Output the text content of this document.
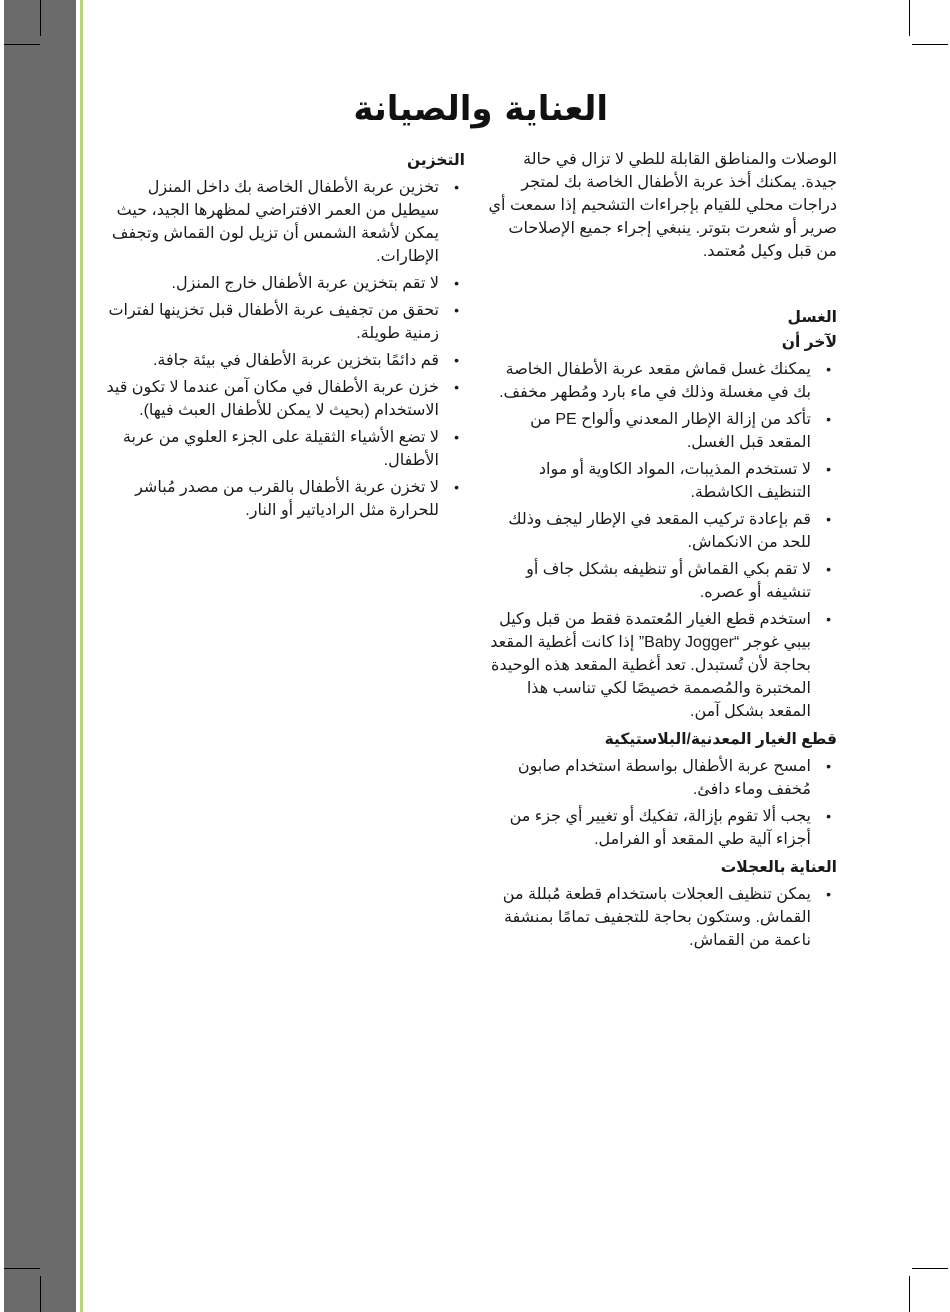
العناية والصيانة

الوصلات والمناطق القابلة للطي لا تزال في حالة جيدة. يمكنك أخذ عربة الأطفال الخاصة بك لمتجر دراجات محلي للقيام بإجراءات التشحيم إذا سمعت أي صرير أو شعرت بتوتر. ينبغي إجراء جميع الإصلاحات من قبل وكيل مُعتمد.

الغسل
لآخر أن
•
يمكنك غسل قماش مقعد عربة الأطفال الخاصة بك في مغسلة وذلك في ماء بارد ومُطهر مخفف.
•
تأكد من إزالة الإطار المعدني وألواح PE من المقعد قبل الغسل.
•
لا تستخدم المذيبات، المواد الكاوية أو مواد التنظيف الكاشطة.
•
قم بإعادة تركيب المقعد في الإطار ليجف وذلك للحد من الانكماش.
•
لا تقم بكي القماش أو تنظيفه بشكل جاف أو تنشيفه أو عصره.
•
استخدم قطع الغيار المُعتمدة فقط من قبل وكيل بيبي غوجر “Baby Jogger” إذا كانت أغطية المقعد بحاجة لأن تُستبدل. تعد أغطية المقعد هذه الوحيدة المختبرة والمُصممة خصيصًا لكي تناسب هذا المقعد بشكل آمن.
قطع الغيار المعدنية/البلاستيكية
•
امسح عربة الأطفال بواسطة استخدام صابون مُخفف وماء دافئ.
•
يجب ألا تقوم بإزالة، تفكيك أو تغيير أي جزء من أجزاء آلية طي المقعد أو الفرامل.
العناية بالعجلات
•
يمكن تنظيف العجلات باستخدام قطعة مُبللة من القماش. وستكون بحاجة للتجفيف تمامًا بمنشفة ناعمة من القماش.
التخزين
•
تخزين عربة الأطفال الخاصة بك داخل المنزل سيطيل من العمر الافتراضي لمظهرها الجيد، حيث يمكن لأشعة الشمس أن تزيل لون القماش وتجفف الإطارات.
•
لا تقم بتخزين عربة الأطفال خارج المنزل.
•
تحقق من تجفيف عربة الأطفال قبل تخزينها لفترات زمنية طويلة.
•
قم دائمًا بتخزين عربة الأطفال في بيئة جافة.
•
خزن عربة الأطفال في مكان آمن عندما لا تكون قيد الاستخدام (بحيث لا يمكن للأطفال العبث فيها).
•
لا تضع الأشياء الثقيلة على الجزء العلوي من عربة الأطفال.
•
لا تخزن عربة الأطفال بالقرب من مصدر مُباشر للحرارة مثل الرادياتير أو النار.
